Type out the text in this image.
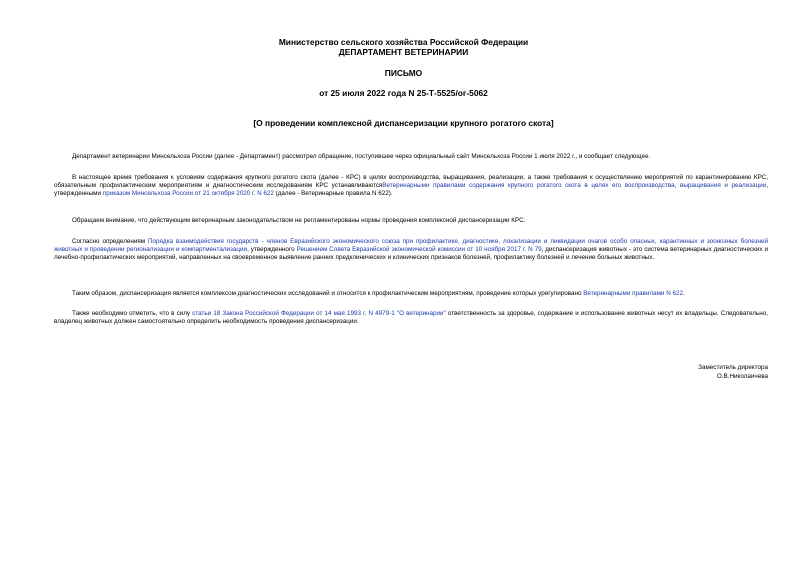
Министерство сельского хозяйства Российской Федерации
ДЕПАРТАМЕНТ ВЕТЕРИНАРИИ
ПИСЬМО
от 25 июля 2022 года N 25-Т-5525/ог-5062
[О проведении комплексной диспансеризации крупного рогатого скота]

Департамент ветеринарии Минсельхоза России (далее - Департамент) рассмотрел обращение, поступившее через официальный сайт Минсельхоза России 1 июля 2022 г., и сообщает следующее.

В настоящее время требования к условиям содержания крупного рогатого скота (далее - КРС) в целях воспроизводства, выращивания, реализации, а также требования к осуществлению мероприятий по карантинированию КРС, обязательным профилактическим мероприятиям и диагностическим исследованиям КРС устанавливаютсяВетеринарными правилами содержания крупного рогатого скота в целях его воспроизводства, выращивания и реализации, утвержденными приказом Минсельхоза России от 21 октября 2020 г. N 622 (далее - Ветеринарные правила N 622).

Обращаем внимание, что действующим ветеринарным законодательством не регламентированы нормы проведения комплексной диспансеризации КРС.

Согласно определениям Порядка взаимодействия государств - членов Евразийского экономического союза при профилактике, диагностике, локализации и ликвидации очагов особо опасных, карантинных и зоонозных болезней животных и проведении регионализации и компартментализации, утвержденного Решением Совета Евразийской экономической комиссии от 10 ноября 2017 г. N 79, диспансеризация животных - это система ветеринарных диагностических и лечебно-профилактических мероприятий, направленных на своевременное выявление ранних предклинических и клинических признаков болезней, профилактику болезней и лечение больных животных.

Таким образом, диспансеризация является комплексом диагностических исследований и относится к профилактическим мероприятиям, проведение которых урегулировано Ветеринарными правилами N 622.

Также необходимо отметить, что в силу статьи 18 Закона Российской Федерации от 14 мая 1993 г. N 4979-1 "О ветеринарии" ответственность за здоровье, содержание и использование животных несут их владельцы. Следовательно, владелец животных должен самостоятельно определить необходимость проведения диспансеризации.

Заместитель директора
О.В.Николаичева
